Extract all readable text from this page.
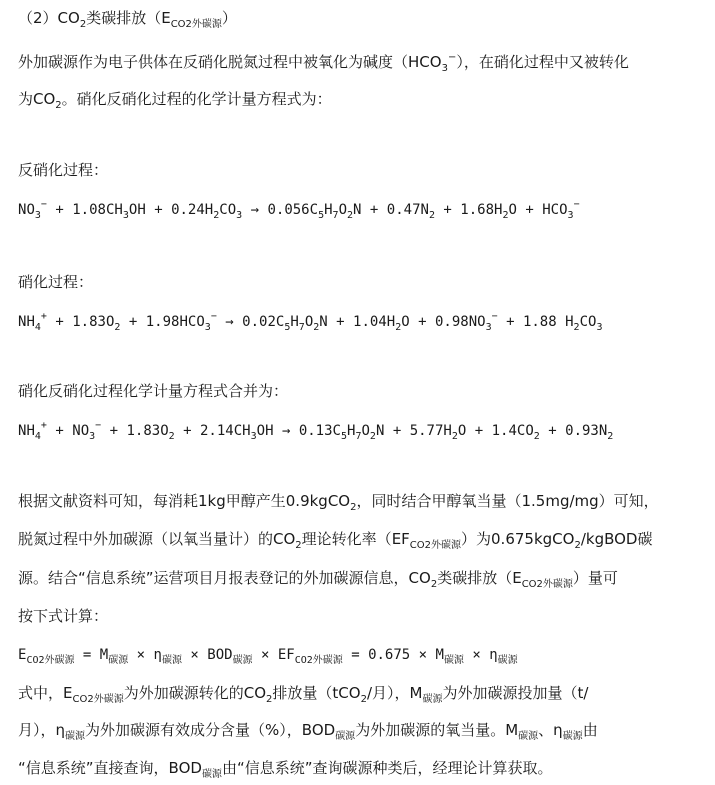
$(2)CO_2$类碳排放$(E_{CO2外碳源})$
外加碳源作为电子供体在反硝化脱氮过程中被氧化为碱度$(HCO_3^-)$，在硝化过程中又被转化
为$CO_2$。硝化反硝化过程的化学计量方程式为：
反硝化过程：
$NO_3^- + 1.08CH_3OH + 0.24H_2CO_3 \to 0.056C_5H_7O_2N + 0.47N_2 + 1.68H_2O + HCO_3^-$
硝化过程：
$NH_4^+ + 1.83O_2 + 1.98HCO_3^- \to 0.02C_5H_7O_2N + 1.04H_2O + 0.98NO_3^- + 1.88$ $H_2CO_3$
硝化反硝化过程化学计量方程式合并为：
$NH_4^+ + NO_3^- + 1.83O_2 + 2.14CH_3OH \to 0.13C_5H_7O_2N + 5.77H_2O + 1.4CO_2 + 0.93N_2$
根据文献资料可知，每消耗1kg甲醇产生0.9kgCO$_2$，同时结合甲醇氧当量（1.5mg/mg）可知，
脱氮过程中外加碳源（以氧当量计）的$CO_2$理论转化率$(EF_{CO2外碳源})$为0.675kgCO$_2$/kgBOD碳
源。结合“信息系统”运营项目月报表登记的外加碳源信息，$CO_2$类碳排放$(E_{CO2外碳源})$量可
按下式计算：
$E_{CO2外碳源} = M_{碳源} \times \eta_{碳源} \times BOD_{碳源} \times EF_{CO2外碳源} = 0.675 \times M_{碳源} \times \eta_{碳源}$
式中，$E_{CO2外碳源}$为外加碳源转化的$CO_2$排放量（tCO$_2$/月），$M_{碳源}$为外加碳源投加量（t/
月），$\eta_{碳源}$为外加碳源有效成分含量（%），$BOD_{碳源}$为外加碳源的氧当量。$M_{碳源}$、$\eta_{碳源}$由
“信息系统”直接查询，$BOD_{碳源}$由“信息系统”查询碳源种类后，经理论计算获取。
